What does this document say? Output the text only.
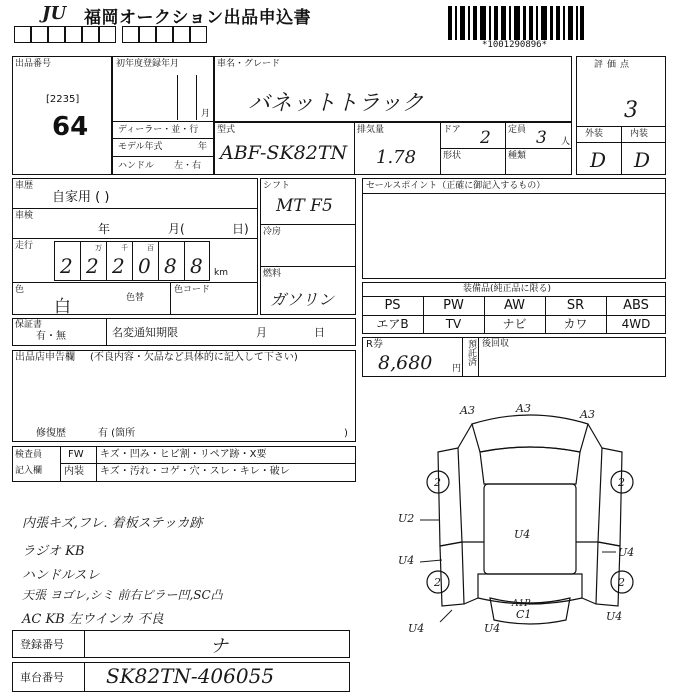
JU 福岡オークション出品申込書
*1001290896*
出品番号
[2235]
64
初年度登録年月
月
ディーラー・並・行
モデル年式	年
ハンドル 左・右
車名・グレード
バネットトラック
型式
ABF-SK82TN
排気量
1.78
ドア 2 定員 3 人
形状	種類
評価点
3
外装	内装
D D
車歴
自家用 ( )
車検
年	月(	日)
走行	万	千	百
2 2 2 0 8 8 km
色
白	色替
色コード
シフト
MT F5
冷房
燃料
ガソリン
セールスポイント（正確に御記入するもの）
装備品(純正品に限る)
PS	PW	AW	SR	ABS
エアB	TV	ナビ	カワ	4WD
保証書
有・無	名変通知期限	月	日
R券
8,680 円
預託済 後回収
出品店申告欄 (不良内容・欠品など具体的に記入して下さい)
修復歴	有 (箇所	)
検査員
記入欄
FW キズ・凹み・ヒビ割・リペア跡・X要
内装 キズ・汚れ・コゲ・穴・スレ・キレ・破レ
内張キズ,フレ. 着板ステッカ跡
ラジオ KB
ハンドルスレ
天張 ヨゴレ,シミ 前右ピラー凹,SC凸
AC KB 左ウインカ 不良
登録番号	ナ
車台番号 SK82TN-406055
A3	A3	A3
2	2
U2
U4
U4
U4
2	2
U4
U4
A1P
C1
U4
